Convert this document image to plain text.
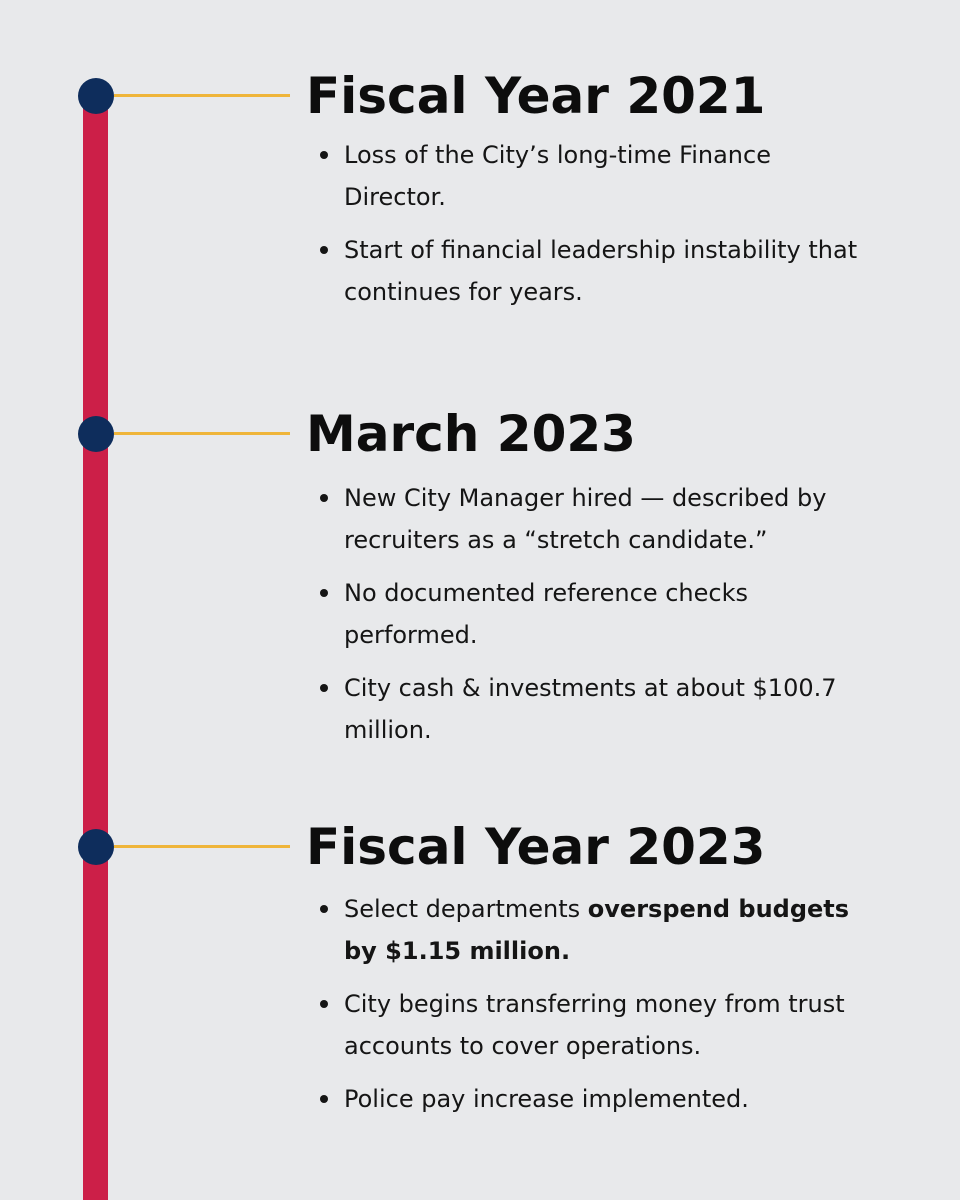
Fiscal Year 2021
Loss of the City’s long-time Finance Director.
Start of financial leadership instability that continues for years.
March 2023
New City Manager hired — described by recruiters as a “stretch candidate.”
No documented reference checks performed.
City cash & investments at about $100.7 million.
Fiscal Year 2023
Select departments overspend budgets by $1.15 million.
City begins transferring money from trust accounts to cover operations.
Police pay increase implemented.
